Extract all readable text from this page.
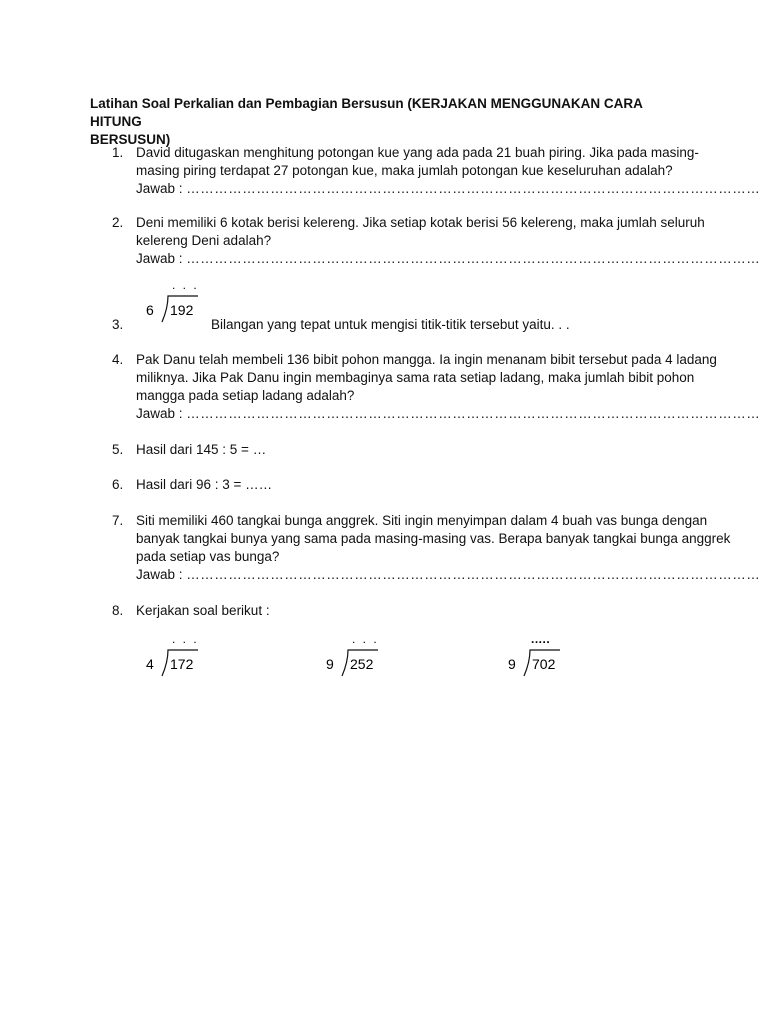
Latihan Soal Perkalian dan Pembagian Bersusun (KERJAKAN MENGGUNAKAN CARA HITUNG
BERSUSUN)
1. David ditugaskan menghitung potongan kue yang ada pada 21 buah piring. Jika pada masing-
masing piring terdapat 27 potongan kue, maka jumlah potongan kue keseluruhan adalah?
Jawab :
……………………………………………………………………………………………………………
2. Deni memiliki 6 kotak berisi kelereng. Jika setiap kotak berisi 56 kelereng, maka jumlah seluruh
kelereng Deni adalah?
Jawab :
……………………………………………………………………………………………………………
3.	Bilangan yang tepat untuk mengisi titik-titik tersebut yaitu. . .
. . .
6 192
4. Pak Danu telah membeli 136 bibit pohon mangga. Ia ingin menanam bibit tersebut pada 4 ladang
miliknya. Jika Pak Danu ingin membaginya sama rata setiap ladang, maka jumlah bibit pohon
mangga pada setiap ladang adalah?
Jawab :
……………………………………………………………………………………………………………
5. Hasil dari 145 : 5 = …
6. Hasil dari 96 : 3 = ……
7. Siti memiliki 460 tangkai bunga anggrek. Siti ingin menyimpan dalam 4 buah vas bunga dengan
banyak tangkai bunya yang sama pada masing-masing vas. Berapa banyak tangkai bunga anggrek
pada setiap vas bunga?
Jawab :
……………………………………………………………………………………………………………
8. Kerjakan soal berikut :
. . .
4 172
. . .
9 252
.....
9 702
